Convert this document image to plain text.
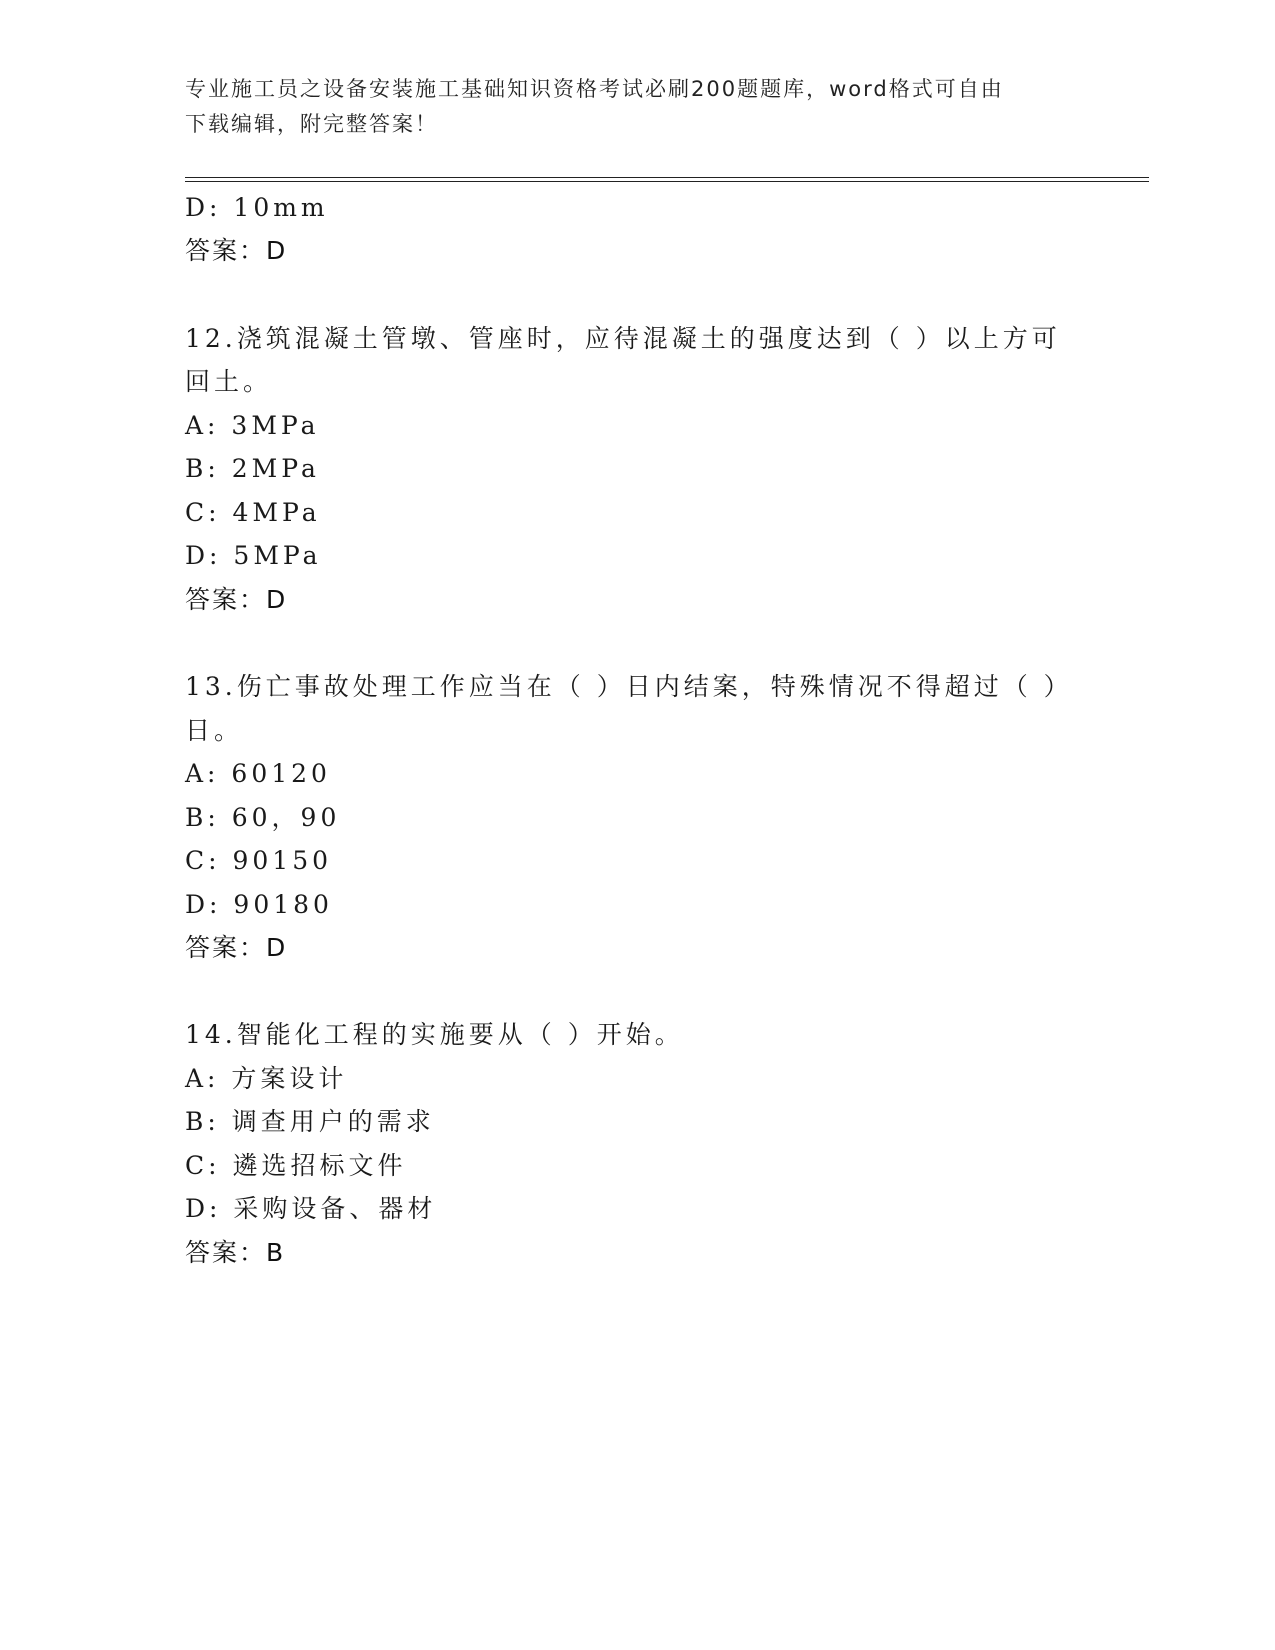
专业施工员之设备安装施工基础知识资格考试必刷200题题库，word格式可自由
下载编辑，附完整答案！
D: 10mm
答案：D
12.浇筑混凝土管墩、管座时，应待混凝土的强度达到（ ）以上方可
回土。
A: 3MPa
B: 2MPa
C: 4MPa
D: 5MPa
答案：D
13.伤亡事故处理工作应当在（ ）日内结案，特殊情况不得超过（ ）
日。
A: 60120
B: 60，90
C: 90150
D: 90180
答案：D
14.智能化工程的实施要从（ ）开始。
A: 方案设计
B: 调查用户的需求
C: 遴选招标文件
D: 采购设备、器材
答案：B
